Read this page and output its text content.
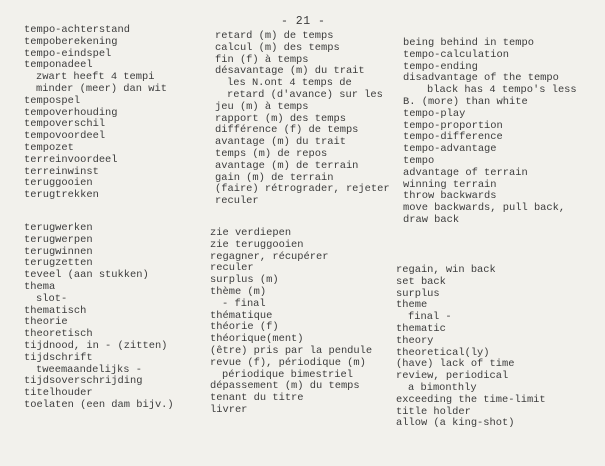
- 21 -
tempo-achterstand
tempoberekening
tempo-eindspel
temponadeel
zwart heeft 4 tempi
minder (meer) dan wit
tempospel
tempoverhouding
tempoverschil
tempovoordeel
tempozet
terreinvoordeel
terreinwinst
teruggooien
terugtrekken
terugwerken
terugwerpen
terugwinnen
terugzetten
teveel (aan stukken)
thema
slot-
thematisch
theorie
theoretisch
tijdnood, in - (zitten)
tijdschrift
tweemaandelijks -
tijdsoverschrijding
titelhouder
toelaten (een dam bijv.)
retard (m) de temps
calcul (m) des temps
fin (f) à temps
désavantage (m) du trait
les N.ont 4 temps de
retard (d'avance) sur les
jeu (m) à temps
rapport (m) des temps
différence (f) de temps
avantage (m) du trait
temps (m) de repos
avantage (m) de terrain
gain (m) de terrain
(faire) rétrograder, rejeter
reculer
zie verdiepen
zie teruggooien
regagner, récupérer
reculer
surplus (m)
thème (m)
- final
thématique
théorie (f)
théorique(ment)
(être) pris par la pendule
revue (f), périodique (m)
périodique bimestriel
dépassement (m) du temps
tenant du titre
livrer
being behind in tempo
tempo-calculation
tempo-ending
disadvantage of the tempo
black has 4 tempo's less
B. (more) than white
tempo-play
tempo-proportion
tempo-difference
tempo-advantage
tempo
advantage of terrain
winning terrain
throw backwards
move backwards, pull back,
draw back
regain, win back
set back
surplus
theme
final -
thematic
theory
theoretical(ly)
(have) lack of time
review, periodical
a bimonthly
exceeding the time-limit
title holder
allow (a king-shot)
